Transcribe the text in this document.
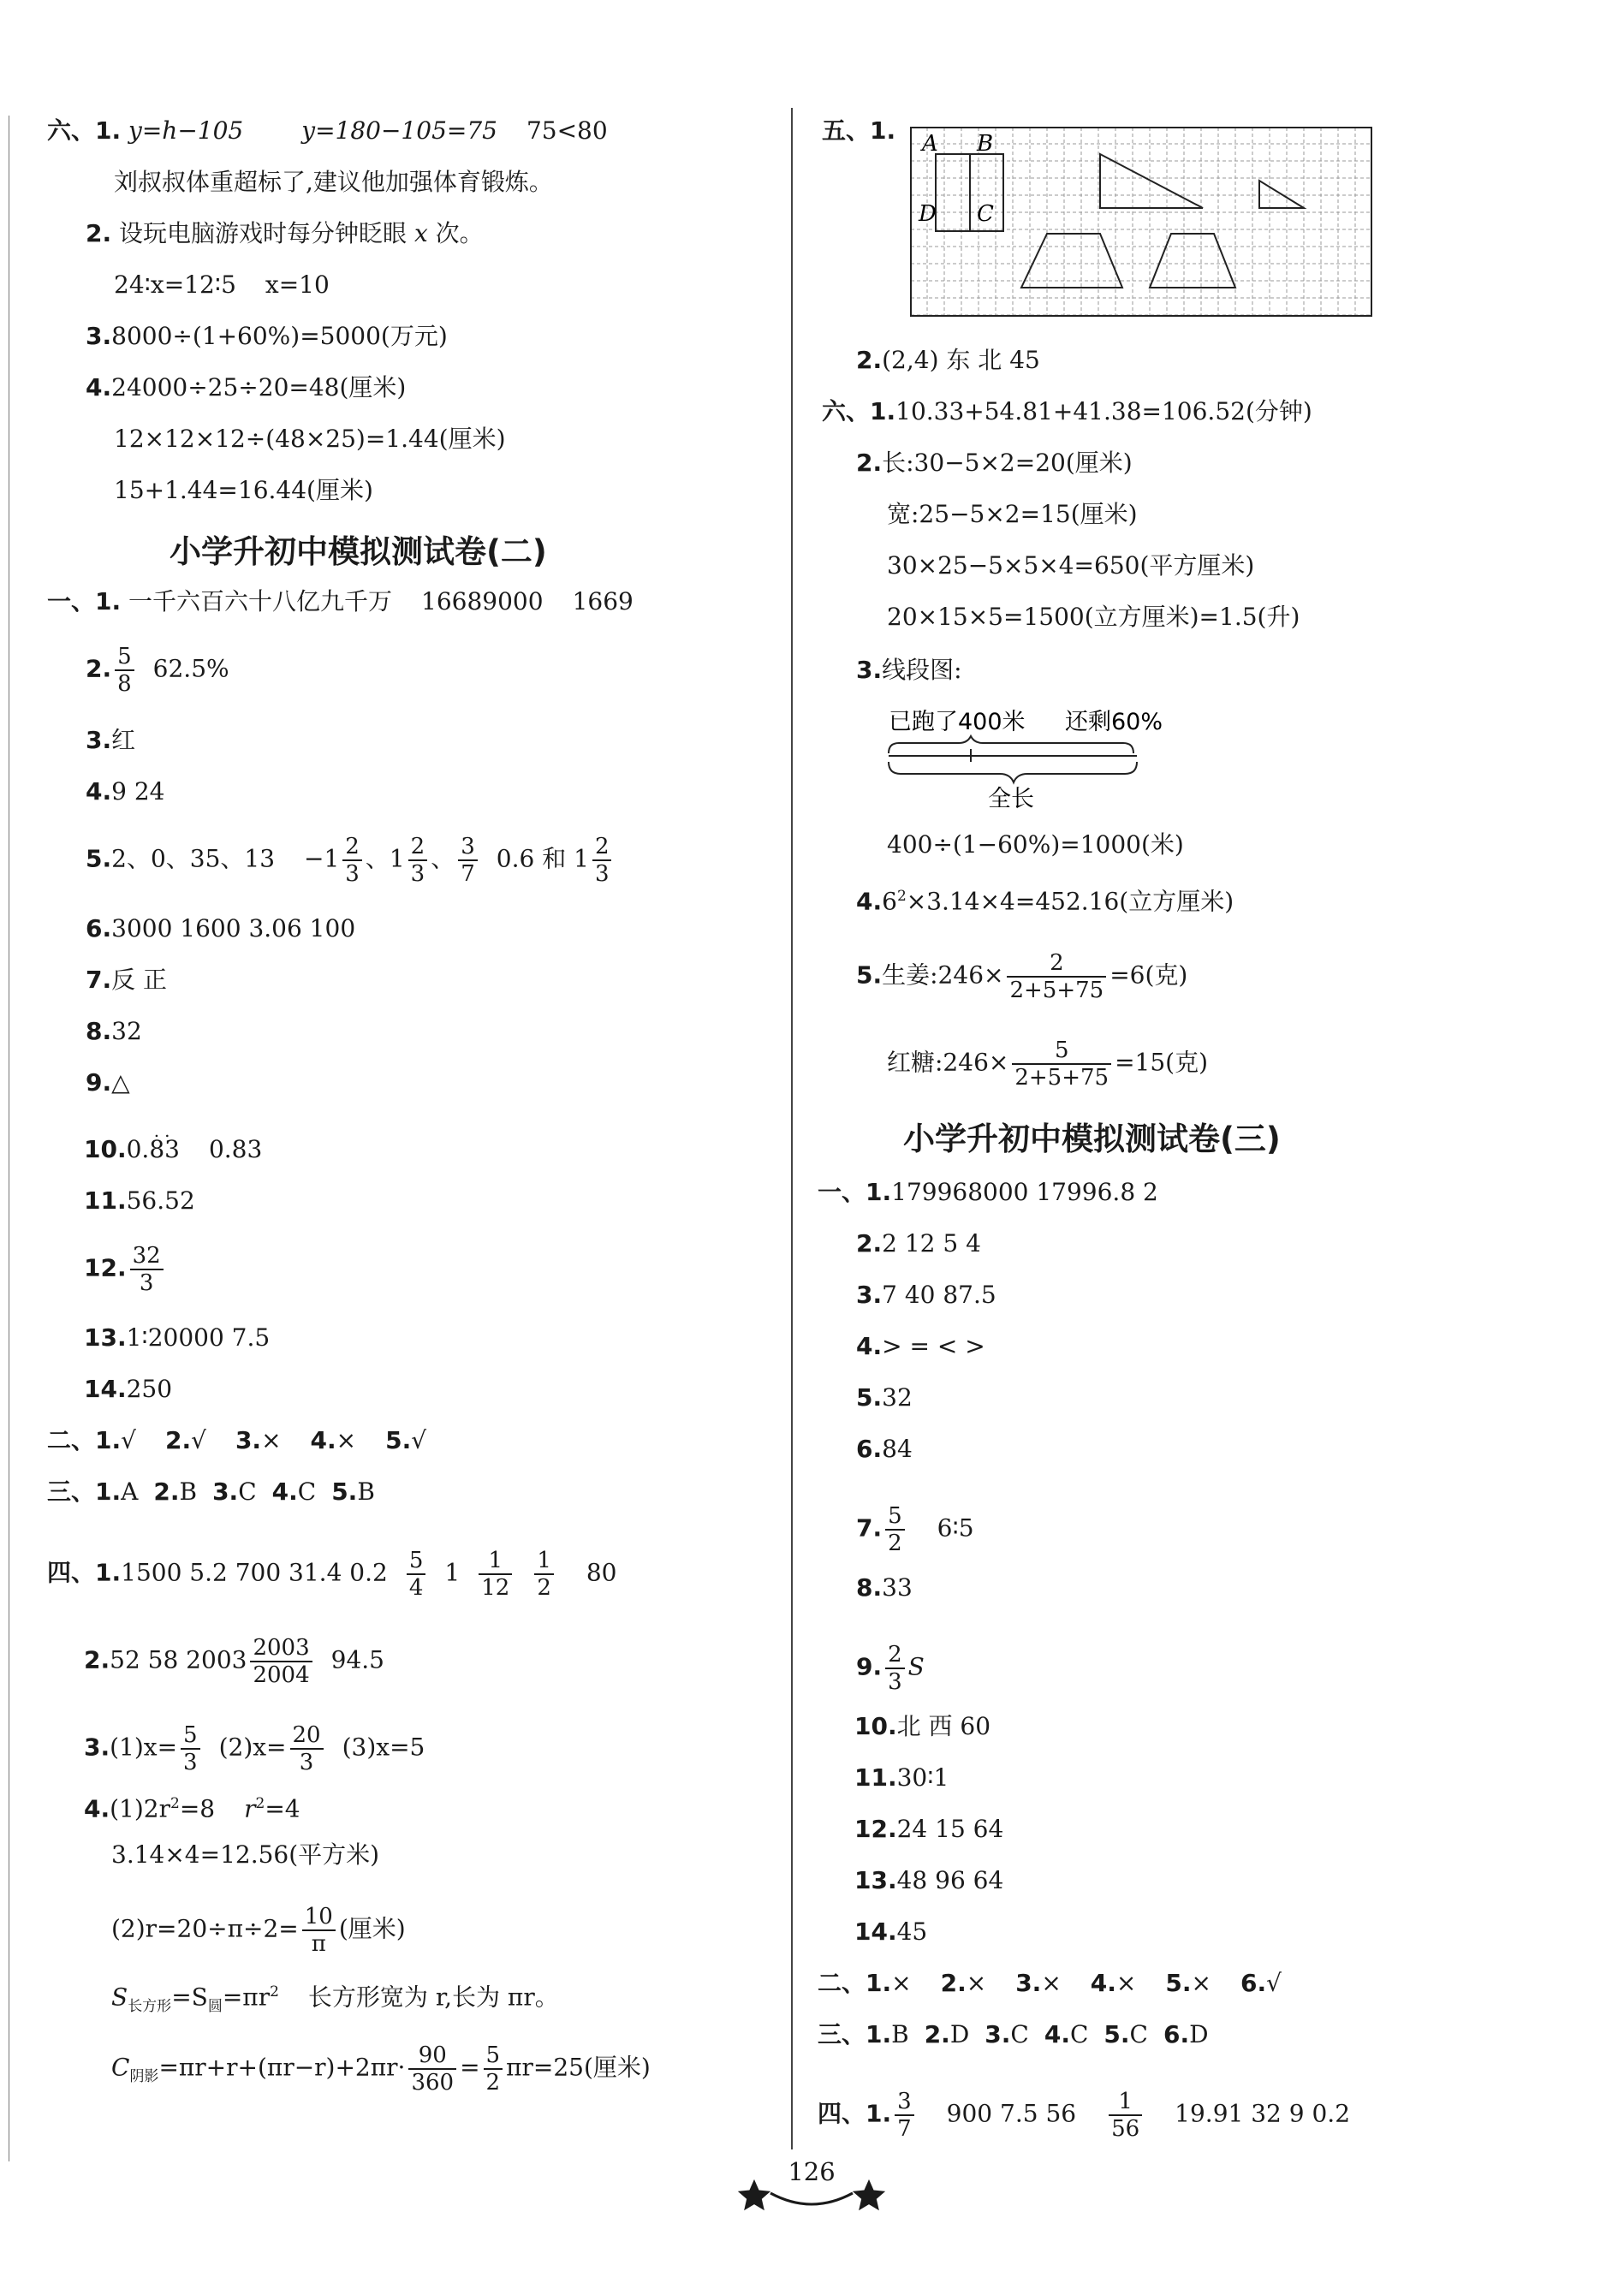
六、1. y=h−105 y=180−105=75 75<80
刘叔叔体重超标了,建议他加强体育锻炼。
2. 设玩电脑游戏时每分钟眨眼 x 次。
24∶x=12∶5 x=10
3.8000÷(1+60%)=5000(万元)
4.24000÷25÷20=48(厘米)
12×12×12÷(48×25)=1.44(厘米)
15+1.44=16.44(厘米)
小学升初中模拟测试卷(二)
一、1. 一千六百六十八亿九千万 16689000 1669
2. $\frac{5}{8} 62.5\%$
3.红
4.9 24
5.2、0、35、$13 -1 \frac{2}{3}$ 、$1 \frac{2}{3}$ 、 $\frac{3}{7} 0.6$ 和 $1 \frac{2}{3}$
6.3000 1600 3.06 100
7.反 正
8.32
9.△
10.0.
..
83 0.83
11.56.52
12. $\frac{32}{3}$
13.1∶20000 7.5
14.250
二、1.√ 2.√ 3.× 4.× 5.√
三、1.A 2.B 3.C 4.C 5.B
四、1.1500 5.2 700 31.4 $0.2 \frac{5}{4} 1 \frac{1}{12} \frac{1}{2} 80$
2.52 58 $2003 \frac{2003}{2004} 94.5$
$3.(1)x= \frac{5}{3} (2)x= \frac{20}{3} (3)x=5$
$4.(1)2r^2=8$ $r^2=4$
3.14×4=12.56(平方米)
$(2)r=20\div\pi\div 2= \frac{10}{\pi}$ (厘米)
$S_{长方形}=S_圆=\pi r^2$ 长方形宽为 r,长为 πr。
$C_{阴影}=\pi r+r+(\pi r-r)+2\pi r\cdot \frac{90}{360} = \frac{5}{2} \pi r=25$(厘米)
五、1. A B
C
D
2.(2,4) 东 北 45
六、1.10.33+54.81+41.38=106.52(分钟)
2.长:30−5×2=20(厘米)
宽:25−5×2=15(厘米)
30×25−5×5×4=650(平方厘米)
20×15×5=1500(立方厘米)=1.5(升)
3.线段图:
已跑了400米 还剩60%
全长
400÷(1−60%)=1000(米)
$4.6^2\times 3.14\times 4=452.16$(立方厘米)
5.生姜:246× $\frac{2}{2+5+75} =6$(克)
红糖:246× $\frac{5}{2+5+75} =15$(克)
小学升初中模拟测试卷(三)
一、1.179968000 17996.8 2
2.2 12 5 4
3.7 40 87.5
4.> = < >
5.32
6.84
7. $\frac{5}{2}$ 6∶5
8.33
9. $\frac{2}{3}$ S
10.北 西 60
11.30∶1
12.24 15 64
13.48 96 64
14.45
二、1.× 2.× 3.× 4.× 5.× 6.√
三、1.B 2.D 3.C 4.C 5.C 6.D
四、1. $\frac{3}{7} 900$ 7.5 $56 \frac{1}{56} 19.91$ 32 9 0.2
126
